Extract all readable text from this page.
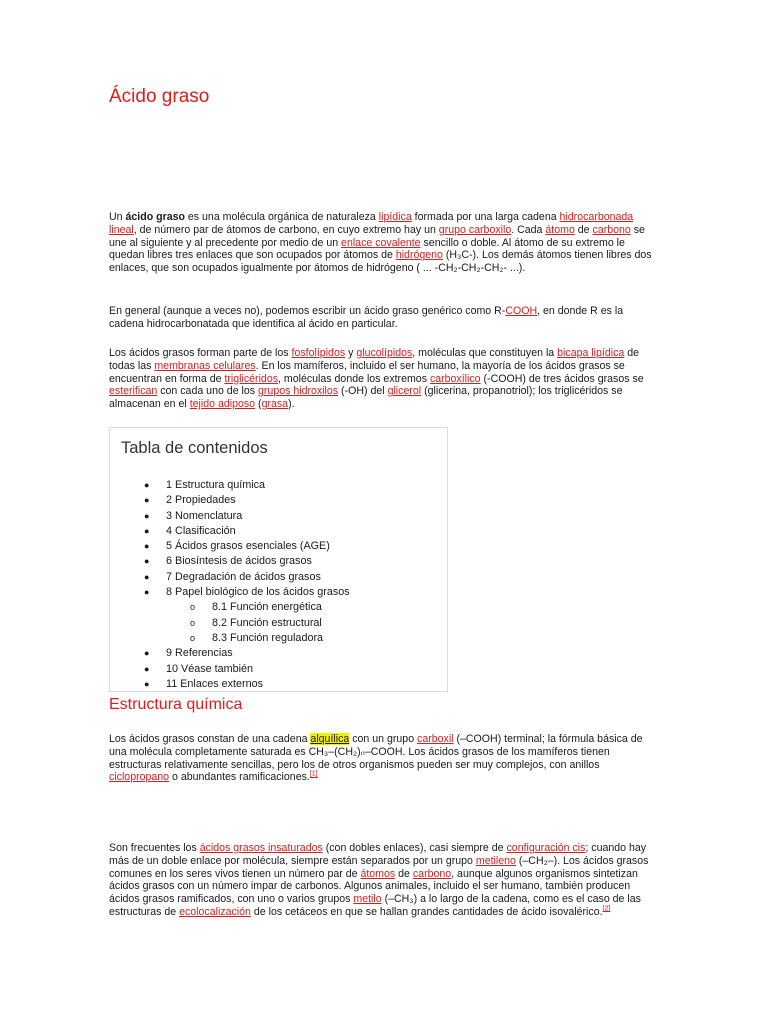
Ácido graso

Un ácido graso es una molécula orgánica de naturaleza lipídica formada por una larga cadena hidrocarbonada lineal, de número par de átomos de carbono, en cuyo extremo hay un grupo carboxilo. Cada átomo de carbono se une al siguiente y al precedente por medio de un enlace covalente sencillo o doble. Al átomo de su extremo le quedan libres tres enlaces que son ocupados por átomos de hidrógeno (H₃C-). Los demás átomos tienen libres dos enlaces, que son ocupados igualmente por átomos de hidrógeno ( ... -CH₂-CH₂-CH₂- ...).

En general (aunque a veces no), podemos escribir un ácido graso genérico como R-COOH, en donde R es la cadena hidrocarbonatada que identifica al ácido en particular.

Los ácidos grasos forman parte de los fosfolípidos y glucolípidos, moléculas que constituyen la bicapa lipídica de todas las membranas celulares. En los mamíferos, incluido el ser humano, la mayoría de los ácidos grasos se encuentran en forma de triglicéridos, moléculas donde los extremos carboxílico (-COOH) de tres ácidos grasos se esterifican con cada uno de los grupos hidroxilos (-OH) del glicerol (glicerina, propanotriol); los triglicéridos se almacenan en el tejido adiposo (grasa).

Tabla de contenidos
● 1 Estructura química
● 2 Propiedades
● 3 Nomenclatura
● 4 Clasificación
● 5 Ácidos grasos esenciales (AGE)
● 6 Biosíntesis de ácidos grasos
● 7 Degradación de ácidos grasos
● 8 Papel biológico de los ácidos grasos
o 8.1 Función energética
o 8.2 Función estructural
o 8.3 Función reguladora
● 9 Referencias
● 10 Véase también
● 11 Enlaces externos
Estructura química

Los ácidos grasos constan de una cadena alquílica con un grupo carboxil (–COOH) terminal; la fórmula básica de una molécula completamente saturada es CH₃–(CH₂)ₙ–COOH. Los ácidos grasos de los mamíferos tienen estructuras relativamente sencillas, pero los de otros organismos pueden ser muy complejos, con anillos ciclopropano o abundantes ramificaciones.[1]

Son frecuentes los ácidos grasos insaturados (con dobles enlaces), casi siempre de configuración cis; cuando hay más de un doble enlace por molécula, siempre están separados por un grupo metileno (–CH₂–). Los ácidos grasos comunes en los seres vivos tienen un número par de átomos de carbono, aunque algunos organismos sintetizan ácidos grasos con un número impar de carbonos. Algunos animales, incluido el ser humano, también producen ácidos grasos ramificados, con uno o varios grupos metilo (–CH₃) a lo largo de la cadena, como es el caso de las estructuras de ecolocalización de los cetáceos en que se hallan grandes cantidades de ácido isovalérico.[2]
